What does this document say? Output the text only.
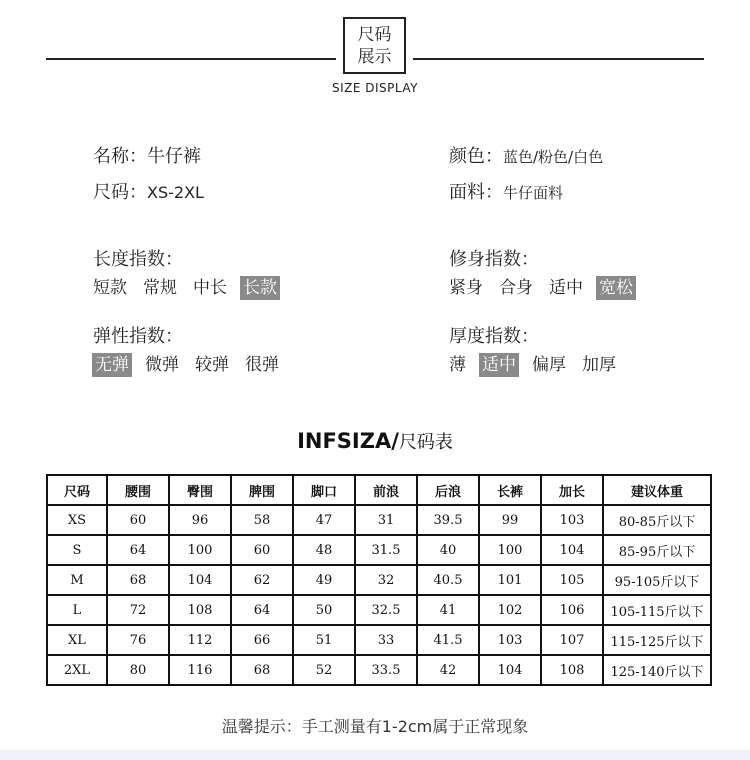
尺码
展示
SIZE DISPLAY
名称：牛仔裤
尺码：XS-2XL
颜色：蓝色/粉色/白色
面料：牛仔面料
长度指数：
短款 常规 中长 长款
修身指数：
紧身 合身 适中 宽松
弹性指数：
无弹 微弹 较弹 很弹
厚度指数：
薄 适中 偏厚 加厚
INFSIZA/尺码表
尺码	腰围	臀围	脾围	脚口	前浪	后浪	长裤	加长	建议体重
XS	60	96	58	47	31	39.5	99	103	80-85斤以下
S	64	100	60	48	31.5	40	100	104	85-95斤以下
M	68	104	62	49	32	40.5	101	105	95-105斤以下
L	72	108	64	50	32.5	41	102	106	105-115斤以下
XL	76	112	66	51	33	41.5	103	107	115-125斤以下
2XL	80	116	68	52	33.5	42	104	108	125-140斤以下
温馨提示：手工测量有1-2cm属于正常现象
